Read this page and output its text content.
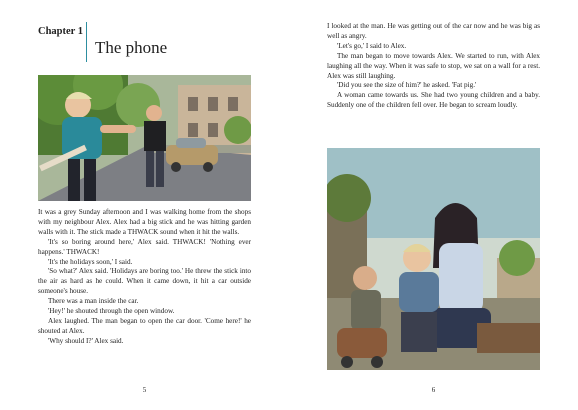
Chapter 1
The phone

It was a grey Sunday afternoon and I was walking home from the shops with my neighbour Alex. Alex had a big stick and he was hitting garden walls with it. The stick made a THWACK sound when it hit the walls.

'It's so boring around here,' Alex said. THWACK! 'Nothing ever happens.' THWACK!

'It's the holidays soon,' I said.

'So what?' Alex said. 'Holidays are boring too.' He threw the stick into the air as hard as he could. When it came down, it hit a car outside someone's house.

There was a man inside the car.

'Hey!' he shouted through the open window.

Alex laughed. The man began to open the car door. 'Come here!' he shouted at Alex.

'Why should I?' Alex said.

5

I looked at the man. He was getting out of the car now and he was big as well as angry.

'Let's go,' I said to Alex.

The man began to move towards Alex. We started to run, with Alex laughing all the way. When it was safe to stop, we sat on a wall for a rest. Alex was still laughing.

'Did you see the size of him?' he asked. 'Fat pig.'

A woman came towards us. She had two young children and a baby. Suddenly one of the children fell over. He began to scream loudly.

6
